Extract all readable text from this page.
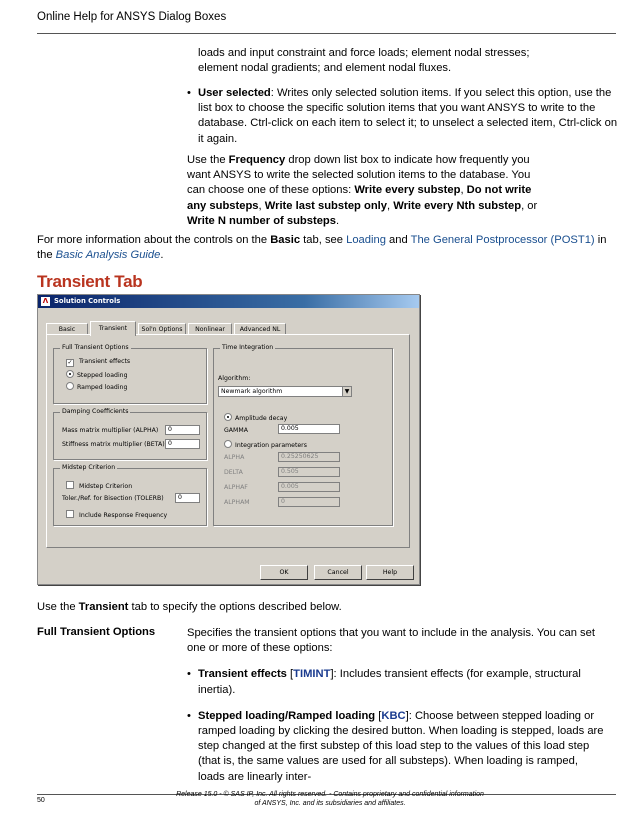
Online Help for ANSYS Dialog Boxes

loads and input constraint and force loads; element nodal stresses;

element nodal gradients; and element nodal fluxes.

• User selected: Writes only selected solution items. If you select this option, use the list box to choose the specific solution items that you want ANSYS to write to the database. Ctrl-click on each item to select it; to unselect a selected item, Ctrl-click on it again.

Use the Frequency drop down list box to indicate how frequently you want ANSYS to write the selected solution items to the database. You can choose one of these options: Write every substep, Do not write any substeps, Write last substep only, Write every Nth substep, or Write N number of substeps.

For more information about the controls on the Basic tab, see Loading and The General Postprocessor (POST1) in the Basic Analysis Guide.
Transient Tab
Λ Solution Controls
Basic	Transient	Sol'n Options	Nonlinear	Advanced NL
Full Transient Options
✓ Transient effects
Stepped loading
Ramped loading
Damping Coefficients
Mass matrix multiplier (ALPHA)	0
Stiffness matrix multiplier (BETA) 0
Midstep Criterion
Midstep Criterion
Toler./Ref. for Bisection (TOLERB)	0
Include Response Frequency
Time Integration
Algorithm:
Newmark algorithm	▼
Amplitude decay
GAMMA	0.005
Integration parameters
ALPHA	0.25250625
DELTA	0.505
ALPHAF	0.005
ALPHAM	0
OK	Cancel	Help
Use the Transient tab to specify the options described below.
Full Transient Options	Specifies the transient options that you want to include in the analysis. You can set one or more of these options:

• Transient effects [TIMINT]: Includes transient effects (for example, structural inertia).

• Stepped loading/Ramped loading [KBC]: Choose between stepped loading or ramped loading by clicking the desired button. When loading is stepped, loads are step changed at the first substep of this load step to the values of this load step (that is, the same values are used for all substeps). When loading is ramped, loads are linearly inter-

50
Release 15.0 - © SAS IP, Inc. All rights reserved. - Contains proprietary and confidential information
of ANSYS, Inc. and its subsidiaries and affiliates.
